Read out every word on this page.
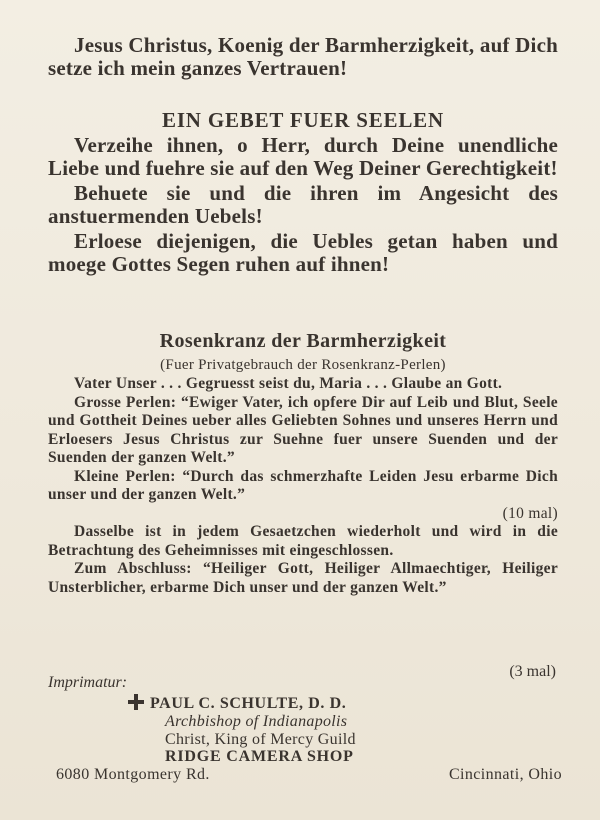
Jesus Christus, Koenig der Barmherzigkeit, auf Dich setze ich mein ganzes Vertrauen!

EIN GEBET FUER SEELEN

Verzeihe ihnen, o Herr, durch Deine unendliche Liebe und fuehre sie auf den Weg Deiner Gerechtigkeit!

Behuete sie und die ihren im Angesicht des anstuermenden Uebels!

Erloese diejenigen, die Uebles getan haben und moege Gottes Segen ruhen auf ihnen!

Rosenkranz der Barmherzigkeit
(Fuer Privatgebrauch der Rosenkranz-Perlen)

Vater Unser . . . Gegruesst seist du, Maria . . . Glaube an Gott.

Grosse Perlen: “Ewiger Vater, ich opfere Dir auf Leib und Blut, Seele und Gottheit Deines ueber alles Geliebten Sohnes und unseres Herrn und Erloesers Jesus Christus zur Suehne fuer unsere Suenden und der Suenden der ganzen Welt.”

Kleine Perlen: “Durch das schmerzhafte Leiden Jesu erbarme Dich unser und der ganzen Welt.”

(10 mal)

Dasselbe ist in jedem Gesaetzchen wiederholt und wird in die Betrachtung des Geheimnisses mit eingeschlossen.

Zum Abschluss: “Heiliger Gott, Heiliger Allmaechtiger, Heiliger Unsterblicher, erbarme Dich unser und der ganzen Welt.”

(3 mal)
Imprimatur:
PAUL C. SCHULTE, D. D.
Archbishop of Indianapolis
Christ, King of Mercy Guild
RIDGE CAMERA SHOP
6080 Montgomery Rd.	Cincinnati, Ohio
